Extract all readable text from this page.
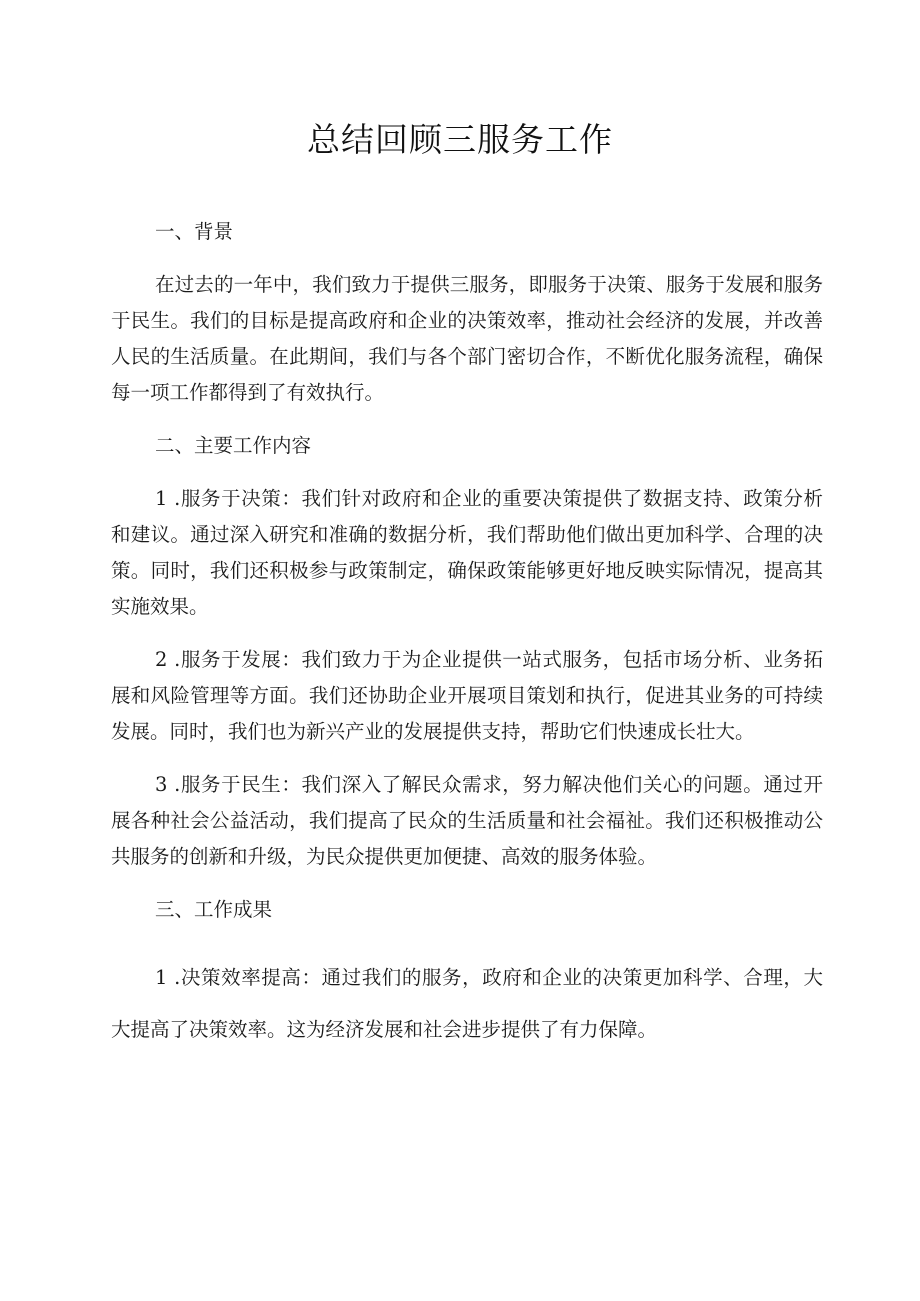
总结回顾三服务工作

一、背景

在过去的一年中，我们致力于提供三服务，即服务于决策、服务于发展和服务于民生。我们的目标是提高政府和企业的决策效率，推动社会经济的发展，并改善人民的生活质量。在此期间，我们与各个部门密切合作，不断优化服务流程，确保每一项工作都得到了有效执行。

二、主要工作内容

1 .服务于决策：我们针对政府和企业的重要决策提供了数据支持、政策分析和建议。通过深入研究和准确的数据分析，我们帮助他们做出更加科学、合理的决策。同时，我们还积极参与政策制定，确保政策能够更好地反映实际情况，提高其实施效果。

2 .服务于发展：我们致力于为企业提供一站式服务，包括市场分析、业务拓展和风险管理等方面。我们还协助企业开展项目策划和执行，促进其业务的可持续发展。同时，我们也为新兴产业的发展提供支持，帮助它们快速成长壮大。

3 .服务于民生：我们深入了解民众需求，努力解决他们关心的问题。通过开展各种社会公益活动，我们提高了民众的生活质量和社会福祉。我们还积极推动公共服务的创新和升级，为民众提供更加便捷、高效的服务体验。

三、工作成果

1 .决策效率提高：通过我们的服务，政府和企业的决策更加科学、合理，大大提高了决策效率。这为经济发展和社会进步提供了有力保障。
